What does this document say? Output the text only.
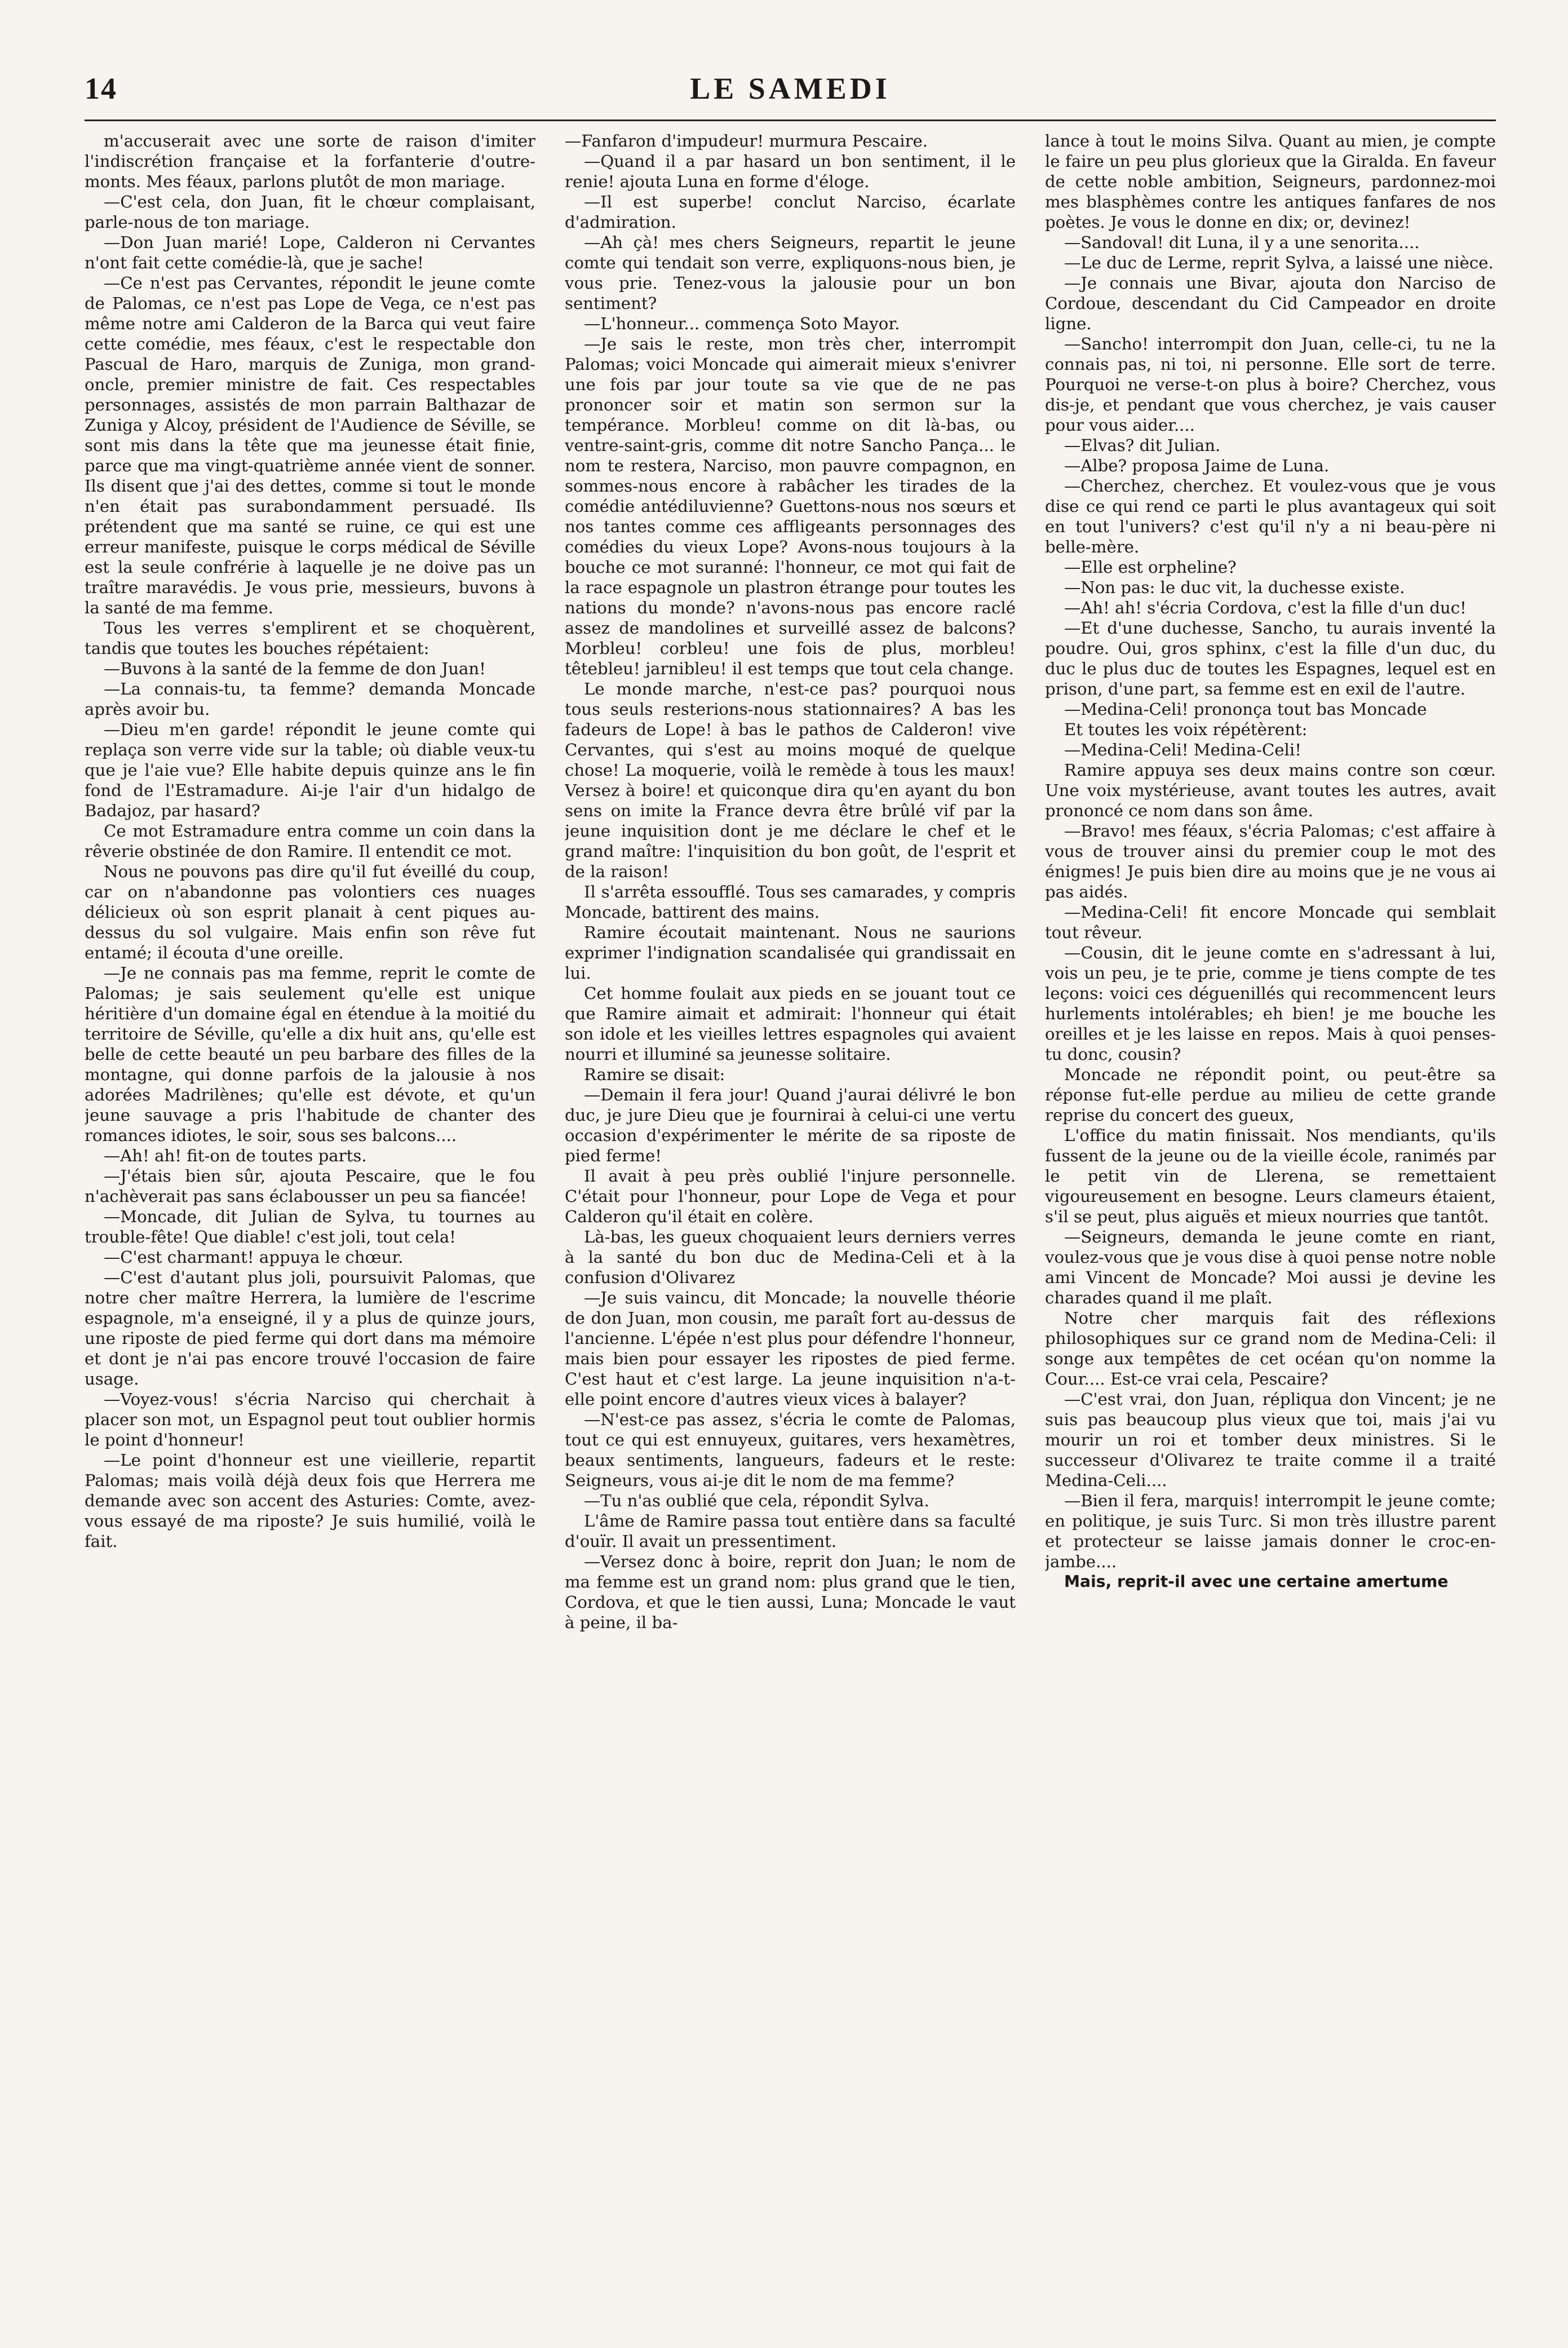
14	LE SAMEDI

m'accuserait avec une sorte de raison d'imiter l'indiscrétion française et la forfanterie d'outre-monts. Mes féaux, parlons plutôt de mon mariage.

—C'est cela, don Juan, fit le chœur complaisant, parle-nous de ton mariage.

—Don Juan marié! Lope, Calderon ni Cervantes n'ont fait cette comédie-là, que je sache!

—Ce n'est pas Cervantes, répondit le jeune comte de Palomas, ce n'est pas Lope de Vega, ce n'est pas même notre ami Calderon de la Barca qui veut faire cette comédie, mes féaux, c'est le respectable don Pascual de Haro, marquis de Zuniga, mon grand-oncle, premier ministre de fait. Ces respectables personnages, assistés de mon parrain Balthazar de Zuniga y Alcoy, président de l'Audience de Séville, se sont mis dans la tête que ma jeunesse était finie, parce que ma vingt-quatrième année vient de sonner. Ils disent que j'ai des dettes, comme si tout le monde n'en était pas surabondamment persuadé. Ils prétendent que ma santé se ruine, ce qui est une erreur manifeste, puisque le corps médical de Séville est la seule confrérie à laquelle je ne doive pas un traître maravédis. Je vous prie, messieurs, buvons à la santé de ma femme.

Tous les verres s'emplirent et se choquèrent, tandis que toutes les bouches répétaient:

—Buvons à la santé de la femme de don Juan!

—La connais-tu, ta femme? demanda Moncade après avoir bu.

—Dieu m'en garde! répondit le jeune comte qui replaça son verre vide sur la table; où diable veux-tu que je l'aie vue? Elle habite depuis quinze ans le fin fond de l'Estramadure. Ai-je l'air d'un hidalgo de Badajoz, par hasard?

Ce mot Estramadure entra comme un coin dans la rêverie obstinée de don Ramire. Il entendit ce mot.

Nous ne pouvons pas dire qu'il fut éveillé du coup, car on n'abandonne pas volontiers ces nuages délicieux où son esprit planait à cent piques au-dessus du sol vulgaire. Mais enfin son rêve fut entamé; il écouta d'une oreille.

—Je ne connais pas ma femme, reprit le comte de Palomas; je sais seulement qu'elle est unique héritière d'un domaine égal en étendue à la moitié du territoire de Séville, qu'elle a dix huit ans, qu'elle est belle de cette beauté un peu barbare des filles de la montagne, qui donne parfois de la jalousie à nos adorées Madrilènes; qu'elle est dévote, et qu'un jeune sauvage a pris l'habitude de chanter des romances idiotes, le soir, sous ses balcons....

—Ah! ah! fit-on de toutes parts.

—J'étais bien sûr, ajouta Pescaire, que le fou n'achèverait pas sans éclabousser un peu sa fiancée!

—Moncade, dit Julian de Sylva, tu tournes au trouble-fête! Que diable! c'est joli, tout cela!

—C'est charmant! appuya le chœur.

—C'est d'autant plus joli, poursuivit Palomas, que notre cher maître Herrera, la lumière de l'escrime espagnole, m'a enseigné, il y a plus de quinze jours, une riposte de pied ferme qui dort dans ma mémoire et dont je n'ai pas encore trouvé l'occasion de faire usage.

—Voyez-vous! s'écria Narciso qui cherchait à placer son mot, un Espagnol peut tout oublier hormis le point d'honneur!

—Le point d'honneur est une vieillerie, repartit Palomas; mais voilà déjà deux fois que Herrera me demande avec son accent des Asturies: Comte, avez-vous essayé de ma riposte? Je suis humilié, voilà le fait.

—Fanfaron d'impudeur! murmura Pescaire.

—Quand il a par hasard un bon sentiment, il le renie! ajouta Luna en forme d'éloge.

—Il est superbe! conclut Narciso, écarlate d'admiration.

—Ah çà! mes chers Seigneurs, repartit le jeune comte qui tendait son verre, expliquons-nous bien, je vous prie. Tenez-vous la jalousie pour un bon sentiment?

—L'honneur... commença Soto Mayor.

—Je sais le reste, mon très cher, interrompit Palomas; voici Moncade qui aimerait mieux s'enivrer une fois par jour toute sa vie que de ne pas prononcer soir et matin son sermon sur la tempérance. Morbleu! comme on dit là-bas, ou ventre-saint-gris, comme dit notre Sancho Pança... le nom te restera, Narciso, mon pauvre compagnon, en sommes-nous encore à rabâcher les tirades de la comédie antédiluvienne? Guettons-nous nos sœurs et nos tantes comme ces affligeants personnages des comédies du vieux Lope? Avons-nous toujours à la bouche ce mot suranné: l'honneur, ce mot qui fait de la race espagnole un plastron étrange pour toutes les nations du monde? n'avons-nous pas encore raclé assez de mandolines et surveillé assez de balcons? Morbleu! corbleu! une fois de plus, morbleu! têtebleu! jarnibleu! il est temps que tout cela change.

Le monde marche, n'est-ce pas? pourquoi nous tous seuls resterions-nous stationnaires? A bas les fadeurs de Lope! à bas le pathos de Calderon! vive Cervantes, qui s'est au moins moqué de quelque chose! La moquerie, voilà le remède à tous les maux! Versez à boire! et quiconque dira qu'en ayant du bon sens on imite la France devra être brûlé vif par la jeune inquisition dont je me déclare le chef et le grand maître: l'inquisition du bon goût, de l'esprit et de la raison!

Il s'arrêta essoufflé. Tous ses camarades, y compris Moncade, battirent des mains.

Ramire écoutait maintenant. Nous ne saurions exprimer l'indignation scandalisée qui grandissait en lui.

Cet homme foulait aux pieds en se jouant tout ce que Ramire aimait et admirait: l'honneur qui était son idole et les vieilles lettres espagnoles qui avaient nourri et illuminé sa jeunesse solitaire.

Ramire se disait:

—Demain il fera jour! Quand j'aurai délivré le bon duc, je jure Dieu que je fournirai à celui-ci une vertu occasion d'expérimenter le mérite de sa riposte de pied ferme!

Il avait à peu près oublié l'injure personnelle. C'était pour l'honneur, pour Lope de Vega et pour Calderon qu'il était en colère.

Là-bas, les gueux choquaient leurs derniers verres à la santé du bon duc de Medina-Celi et à la confusion d'Olivarez

—Je suis vaincu, dit Moncade; la nouvelle théorie de don Juan, mon cousin, me paraît fort au-dessus de l'ancienne. L'épée n'est plus pour défendre l'honneur, mais bien pour essayer les ripostes de pied ferme. C'est haut et c'est large. La jeune inquisition n'a-t-elle point encore d'autres vieux vices à balayer?

—N'est-ce pas assez, s'écria le comte de Palomas, tout ce qui est ennuyeux, guitares, vers hexamètres, beaux sentiments, langueurs, fadeurs et le reste: Seigneurs, vous ai-je dit le nom de ma femme?

—Tu n'as oublié que cela, répondit Sylva.

L'âme de Ramire passa tout entière dans sa faculté d'ouïr. Il avait un pressentiment.

—Versez donc à boire, reprit don Juan; le nom de ma femme est un grand nom: plus grand que le tien, Cordova, et que le tien aussi, Luna; Moncade le vaut à peine, il ba-

lance à tout le moins Silva. Quant au mien, je compte le faire un peu plus glorieux que la Giralda. En faveur de cette noble ambition, Seigneurs, pardonnez-moi mes blasphèmes contre les antiques fanfares de nos poètes. Je vous le donne en dix; or, devinez!

—Sandoval! dit Luna, il y a une senorita....

—Le duc de Lerme, reprit Sylva, a laissé une nièce.

—Je connais une Bivar, ajouta don Narciso de Cordoue, descendant du Cid Campeador en droite ligne.

—Sancho! interrompit don Juan, celle-ci, tu ne la connais pas, ni toi, ni personne. Elle sort de terre. Pourquoi ne verse-t-on plus à boire? Cherchez, vous dis-je, et pendant que vous cherchez, je vais causer pour vous aider....

—Elvas? dit Julian.

—Albe? proposa Jaime de Luna.

—Cherchez, cherchez. Et voulez-vous que je vous dise ce qui rend ce parti le plus avantageux qui soit en tout l'univers? c'est qu'il n'y a ni beau-père ni belle-mère.

—Elle est orpheline?

—Non pas: le duc vit, la duchesse existe.

—Ah! ah! s'écria Cordova, c'est la fille d'un duc!

—Et d'une duchesse, Sancho, tu aurais inventé la poudre. Oui, gros sphinx, c'est la fille d'un duc, du duc le plus duc de toutes les Espagnes, lequel est en prison, d'une part, sa femme est en exil de l'autre.

—Medina-Celi! prononça tout bas Moncade

Et toutes les voix répétèrent:

—Medina-Celi! Medina-Celi!

Ramire appuya ses deux mains contre son cœur. Une voix mystérieuse, avant toutes les autres, avait prononcé ce nom dans son âme.

—Bravo! mes féaux, s'écria Palomas; c'est affaire à vous de trouver ainsi du premier coup le mot des énigmes! Je puis bien dire au moins que je ne vous ai pas aidés.

—Medina-Celi! fit encore Moncade qui semblait tout rêveur.

—Cousin, dit le jeune comte en s'adressant à lui, vois un peu, je te prie, comme je tiens compte de tes leçons: voici ces déguenillés qui recommencent leurs hurlements intolérables; eh bien! je me bouche les oreilles et je les laisse en repos. Mais à quoi penses-tu donc, cousin?

Moncade ne répondit point, ou peut-être sa réponse fut-elle perdue au milieu de cette grande reprise du concert des gueux,

L'office du matin finissait. Nos mendiants, qu'ils fussent de la jeune ou de la vieille école, ranimés par le petit vin de Llerena, se remettaient vigoureusement en besogne. Leurs clameurs étaient, s'il se peut, plus aiguës et mieux nourries que tantôt.

—Seigneurs, demanda le jeune comte en riant, voulez-vous que je vous dise à quoi pense notre noble ami Vincent de Moncade? Moi aussi je devine les charades quand il me plaît.

Notre cher marquis fait des réflexions philosophiques sur ce grand nom de Medina-Celi: il songe aux tempêtes de cet océan qu'on nomme la Cour.... Est-ce vrai cela, Pescaire?

—C'est vrai, don Juan, répliqua don Vincent; je ne suis pas beaucoup plus vieux que toi, mais j'ai vu mourir un roi et tomber deux ministres. Si le successeur d'Olivarez te traite comme il a traité Medina-Celi....

—Bien il fera, marquis! interrompit le jeune comte; en politique, je suis Turc. Si mon très illustre parent et protecteur se laisse jamais donner le croc-en-jambe....

Mais, reprit-il avec une certaine amertume
